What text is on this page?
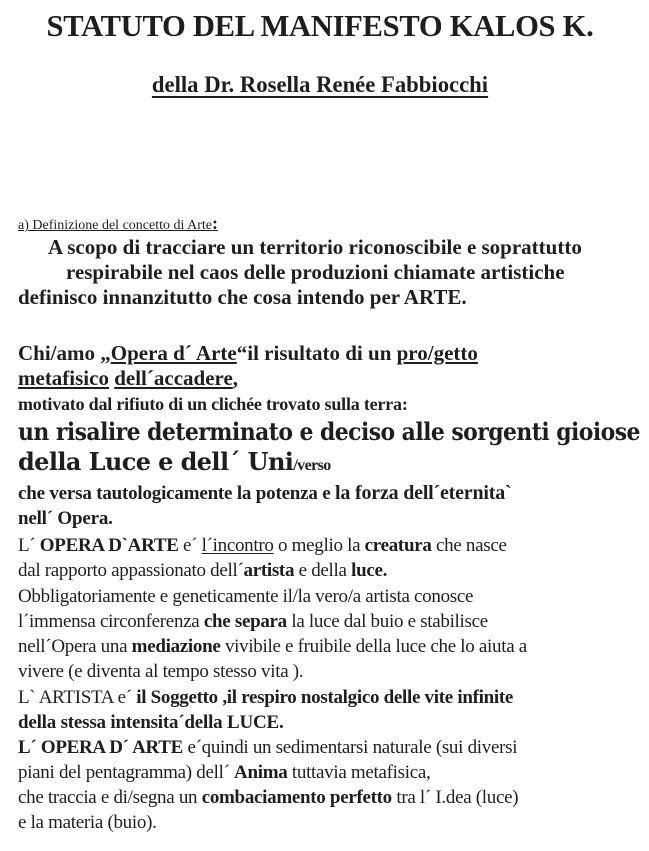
STATUTO DEL MANIFESTO KALOS K.
della Dr. Rosella Renée Fabbiocchi
a) Definizione del concetto di Arte:
A scopo di tracciare un territorio riconoscibile e soprattutto
respirabile nel caos delle produzioni chiamate artistiche
definisco innanzitutto che cosa intendo per ARTE.
Chi/amo „Opera d´ Arte“il risultato di un pro/getto
metafisico dell´accadere,
motivato dal rifiuto di un clichée trovato sulla terra:
un risalire determinato e deciso alle sorgenti gioiose
della Luce e dell´ Uni/verso
che versa tautologicamente la potenza e la forza dell´eternita`
nell´ Opera.
L´ OPERA D`ARTE e´ l´incontro o meglio la creatura che nasce
dal rapporto appassionato dell´artista e della luce.
Obbligatoriamente e geneticamente il/la vero/a artista conosce
l´immensa circonferenza che separa la luce dal buio e stabilisce
nell´Opera una mediazione vivibile e fruibile della luce che lo aiuta a
vivere (e diventa al tempo stesso vita ).
L` ARTISTA e´ il Soggetto ,il respiro nostalgico delle vite infinite
della stessa intensita´della LUCE.
L´ OPERA D´ ARTE e´quindi un sedimentarsi naturale (sui diversi
piani del pentagramma) dell´ Anima tuttavia metafisica,
che traccia e di/segna un combaciamento perfetto tra l´ I.dea (luce)
e la materia (buio).
